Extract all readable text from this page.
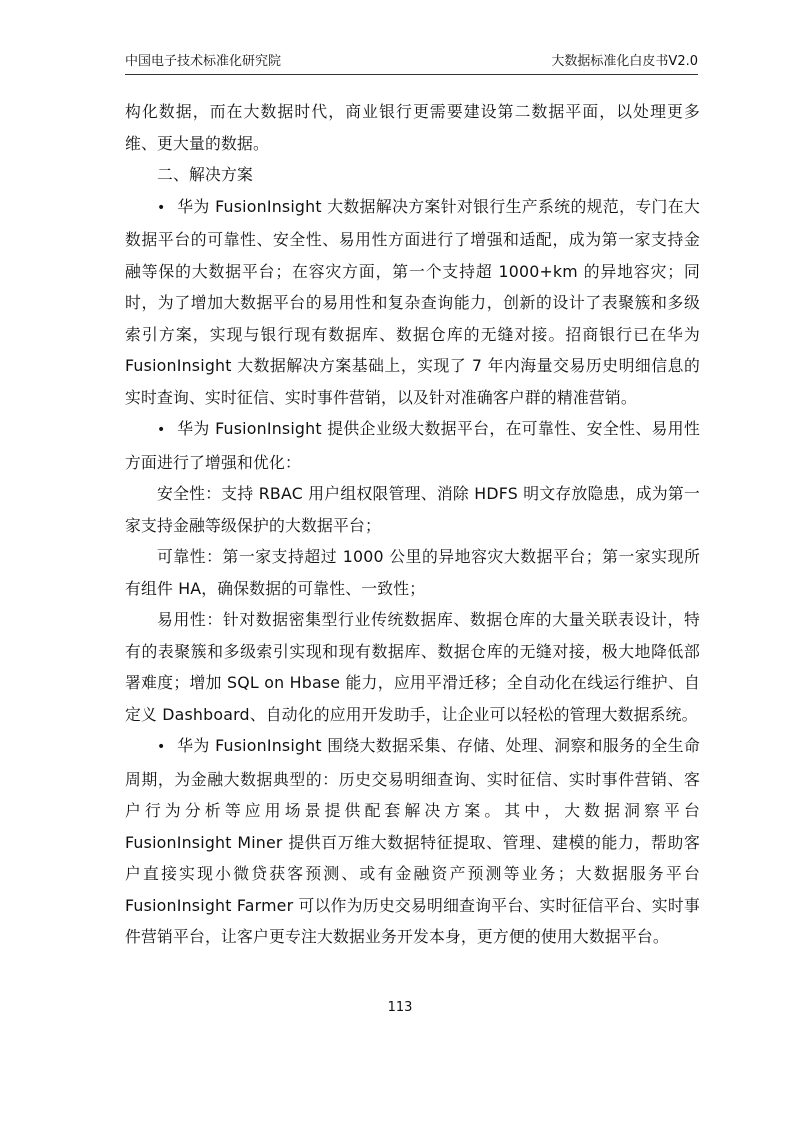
中国电子技术标准化研究院	大数据标准化白皮书V2.0

构化数据，而在大数据时代，商业银行更需要建设第二数据平面，以处理更多维、更大量的数据。

二、解决方案

• 华为 FusionInsight 大数据解决方案针对银行生产系统的规范，专门在大数据平台的可靠性、安全性、易用性方面进行了增强和适配，成为第一家支持金融等保的大数据平台；在容灾方面，第一个支持超 1000+km 的异地容灾；同时，为了增加大数据平台的易用性和复杂查询能力，创新的设计了表聚簇和多级索引方案，实现与银行现有数据库、数据仓库的无缝对接。招商银行已在华为 FusionInsight 大数据解决方案基础上，实现了 7 年内海量交易历史明细信息的实时查询、实时征信、实时事件营销，以及针对准确客户群的精准营销。

• 华为 FusionInsight 提供企业级大数据平台，在可靠性、安全性、易用性方面进行了增强和优化：

安全性：支持 RBAC 用户组权限管理、消除 HDFS 明文存放隐患，成为第一家支持金融等级保护的大数据平台；

可靠性：第一家支持超过 1000 公里的异地容灾大数据平台；第一家实现所有组件 HA，确保数据的可靠性、一致性；

易用性：针对数据密集型行业传统数据库、数据仓库的大量关联表设计，特有的表聚簇和多级索引实现和现有数据库、数据仓库的无缝对接，极大地降低部署难度；增加 SQL on Hbase 能力，应用平滑迁移；全自动化在线运行维护、自定义 Dashboard、自动化的应用开发助手，让企业可以轻松的管理大数据系统。

• 华为 FusionInsight 围绕大数据采集、存储、处理、洞察和服务的全生命周期，为金融大数据典型的：历史交易明细查询、实时征信、实时事件营销、客户行为分析等应用场景提供配套解决方案。其中，大数据洞察平台 FusionInsight Miner 提供百万维大数据特征提取、管理、建模的能力，帮助客户直接实现小微贷获客预测、或有金融资产预测等业务；大数据服务平台 FusionInsight Farmer 可以作为历史交易明细查询平台、实时征信平台、实时事件营销平台，让客户更专注大数据业务开发本身，更方便的使用大数据平台。

113
